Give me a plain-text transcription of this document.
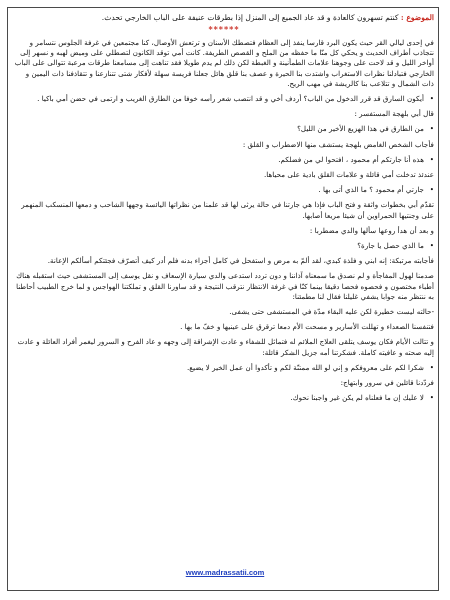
الموضوع : كنتم تسهرون كالعادة و قد عاد الجميع إلى المنزل إذا بطرقات عنيفة على الباب الخارجي تحدث.
******

في إحدى ليالي القر حيث يكون البرد قارسا ينفذ إلى العظام فتصطك الأسنان و ترتعش الأوصال، كنا مجتمعين في غرفة الجلوس نتسامر و نتجاذب أطراف الحديث و يحكي كل منّا ما حفظه من الملح و القصص الطريفة. كانت أمي توقد الكانون لتصطلي على وميض لهبه و نسهر إلى أواخر الليل و قد لاحت على وجوهنا علامات الطمأنينة و الغبطة لكن ذلك لم يدم طويلا فقد تناهت إلى مسامعنا طرقات مرعبة تتوالى على الباب الخارجي فتبادلنا نظرات الاستغراب واشتدت بنا الحيرة و عصف بنا قلق هائل جعلنا فريسة سهلة لأفكار شتى تتنازعنا و تتقاذفنا ذات اليمين و ذات الشمال و تتلاعب بنا كالريشة في مهب الريح.

• أيكون السارق قد قرر الدخول من الباب؟ أردف أخي و قد انتصب شعر رأسه خوفا من الطارق الغريب و ارتمى في حضن أمي باكيا .

قال أبي بلهجة المستفسر :

• من الطارق في هذا الهزيع الأخير من الليل؟

فأجاب الشخص الغامض بلهجة يستشف منها الاضطراب و القلق :

• هذه أنا جارتكم أم محمود ، افتحوا لي من فضلكم.

عندئذ تدخلت أمي قائلة و علامات القلق بادية على محياها.

• جارتي أم محمود ؟ ما الذي أتى بها .

تقدّم أبي بخطوات واثقة و فتح الباب فإذا هي جارتنا في حالة يرثى لها قد علمنا من نظراتها اليائسة وجهها الشاحب و دمعها المنسكب المنهمر على وجنتيها الحمراوين أن شيئا مريعا أصابها.

و بعد أن هدأ روعها سألها والدي مضطربا :

• ما الذي حصل يا جارة؟

فأجابته مرتبكة: إنه ابني و فلذة كبدي، لقد ألمّ به مرض و استفحل في كامل أجزاء بدنه فلم أدر كيف أتصرّف فجئتكم أسألكم الإعانة.

صدمنا لهول المفاجأة و لم نصدق ما سمعناه آذاننا و دون تردد استدعى والدي سيارة الإسعاف و نقل يوسف إلى المستشفى حيث استقبله هناك أطباء مختصون و فحصوه فحصا دقيقا بينما كنّا في غرفة الانتظار نترقب النتيجة و قد ساورنا القلق و تملكتنا الهواجس و لما خرج الطبيب أحاطنا به ننتظر منه جوابا يشفي غليلنا فقال لنا مطمئنا:

-حالته ليست خطيرة لكن عليه البقاء مدّة في المستشفى حتى يشفى.

فتنفسنا الصعداء و تهللت الأسارير و مسحت الأم دمعا ترقرق على عينيها و خفّ ما بها .

و تتالت الأيام فكان يوسف يتلقى العلاج الملائم له فتماثل للشفاء و عادت الإشراقة إلى وجهه و عاد الفرح و السرور ليغمر أفراد العائلة و عادت إليه صحته و عافيته كاملة. فشكرتنا أمه جزيل الشكر قائلة:

• شكرا لكم على معروفكم و إني لو الله ممتنّة لكم و تأكدوا أن عمل الخير لا يضيع.

فردّدنا قائلين في سرور وابتهاج:

• لا عليك إن ما فعلناه لم يكن غير واجبنا نحوك.

www.madrassatii.com
